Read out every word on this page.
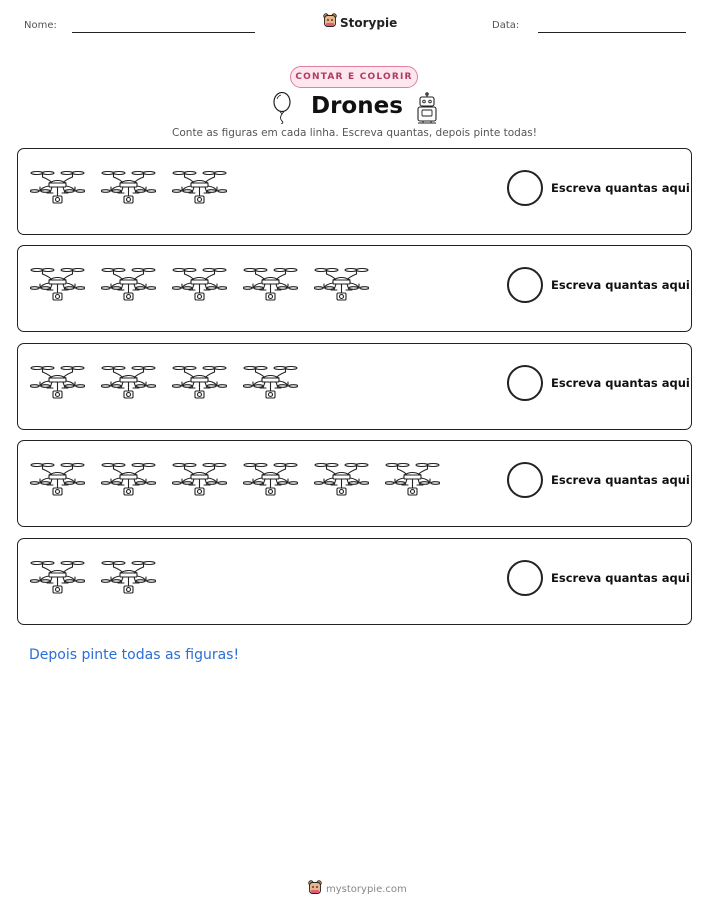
Nome:	Storypie	Data:
CONTAR E COLORIR
Drones
Conte as figuras em cada linha. Escreva quantas, depois pinte todas!
Escreva quantas aqui
Escreva quantas aqui
Escreva quantas aqui
Escreva quantas aqui
Escreva quantas aqui
Depois pinte todas as figuras!
mystorypie.com
